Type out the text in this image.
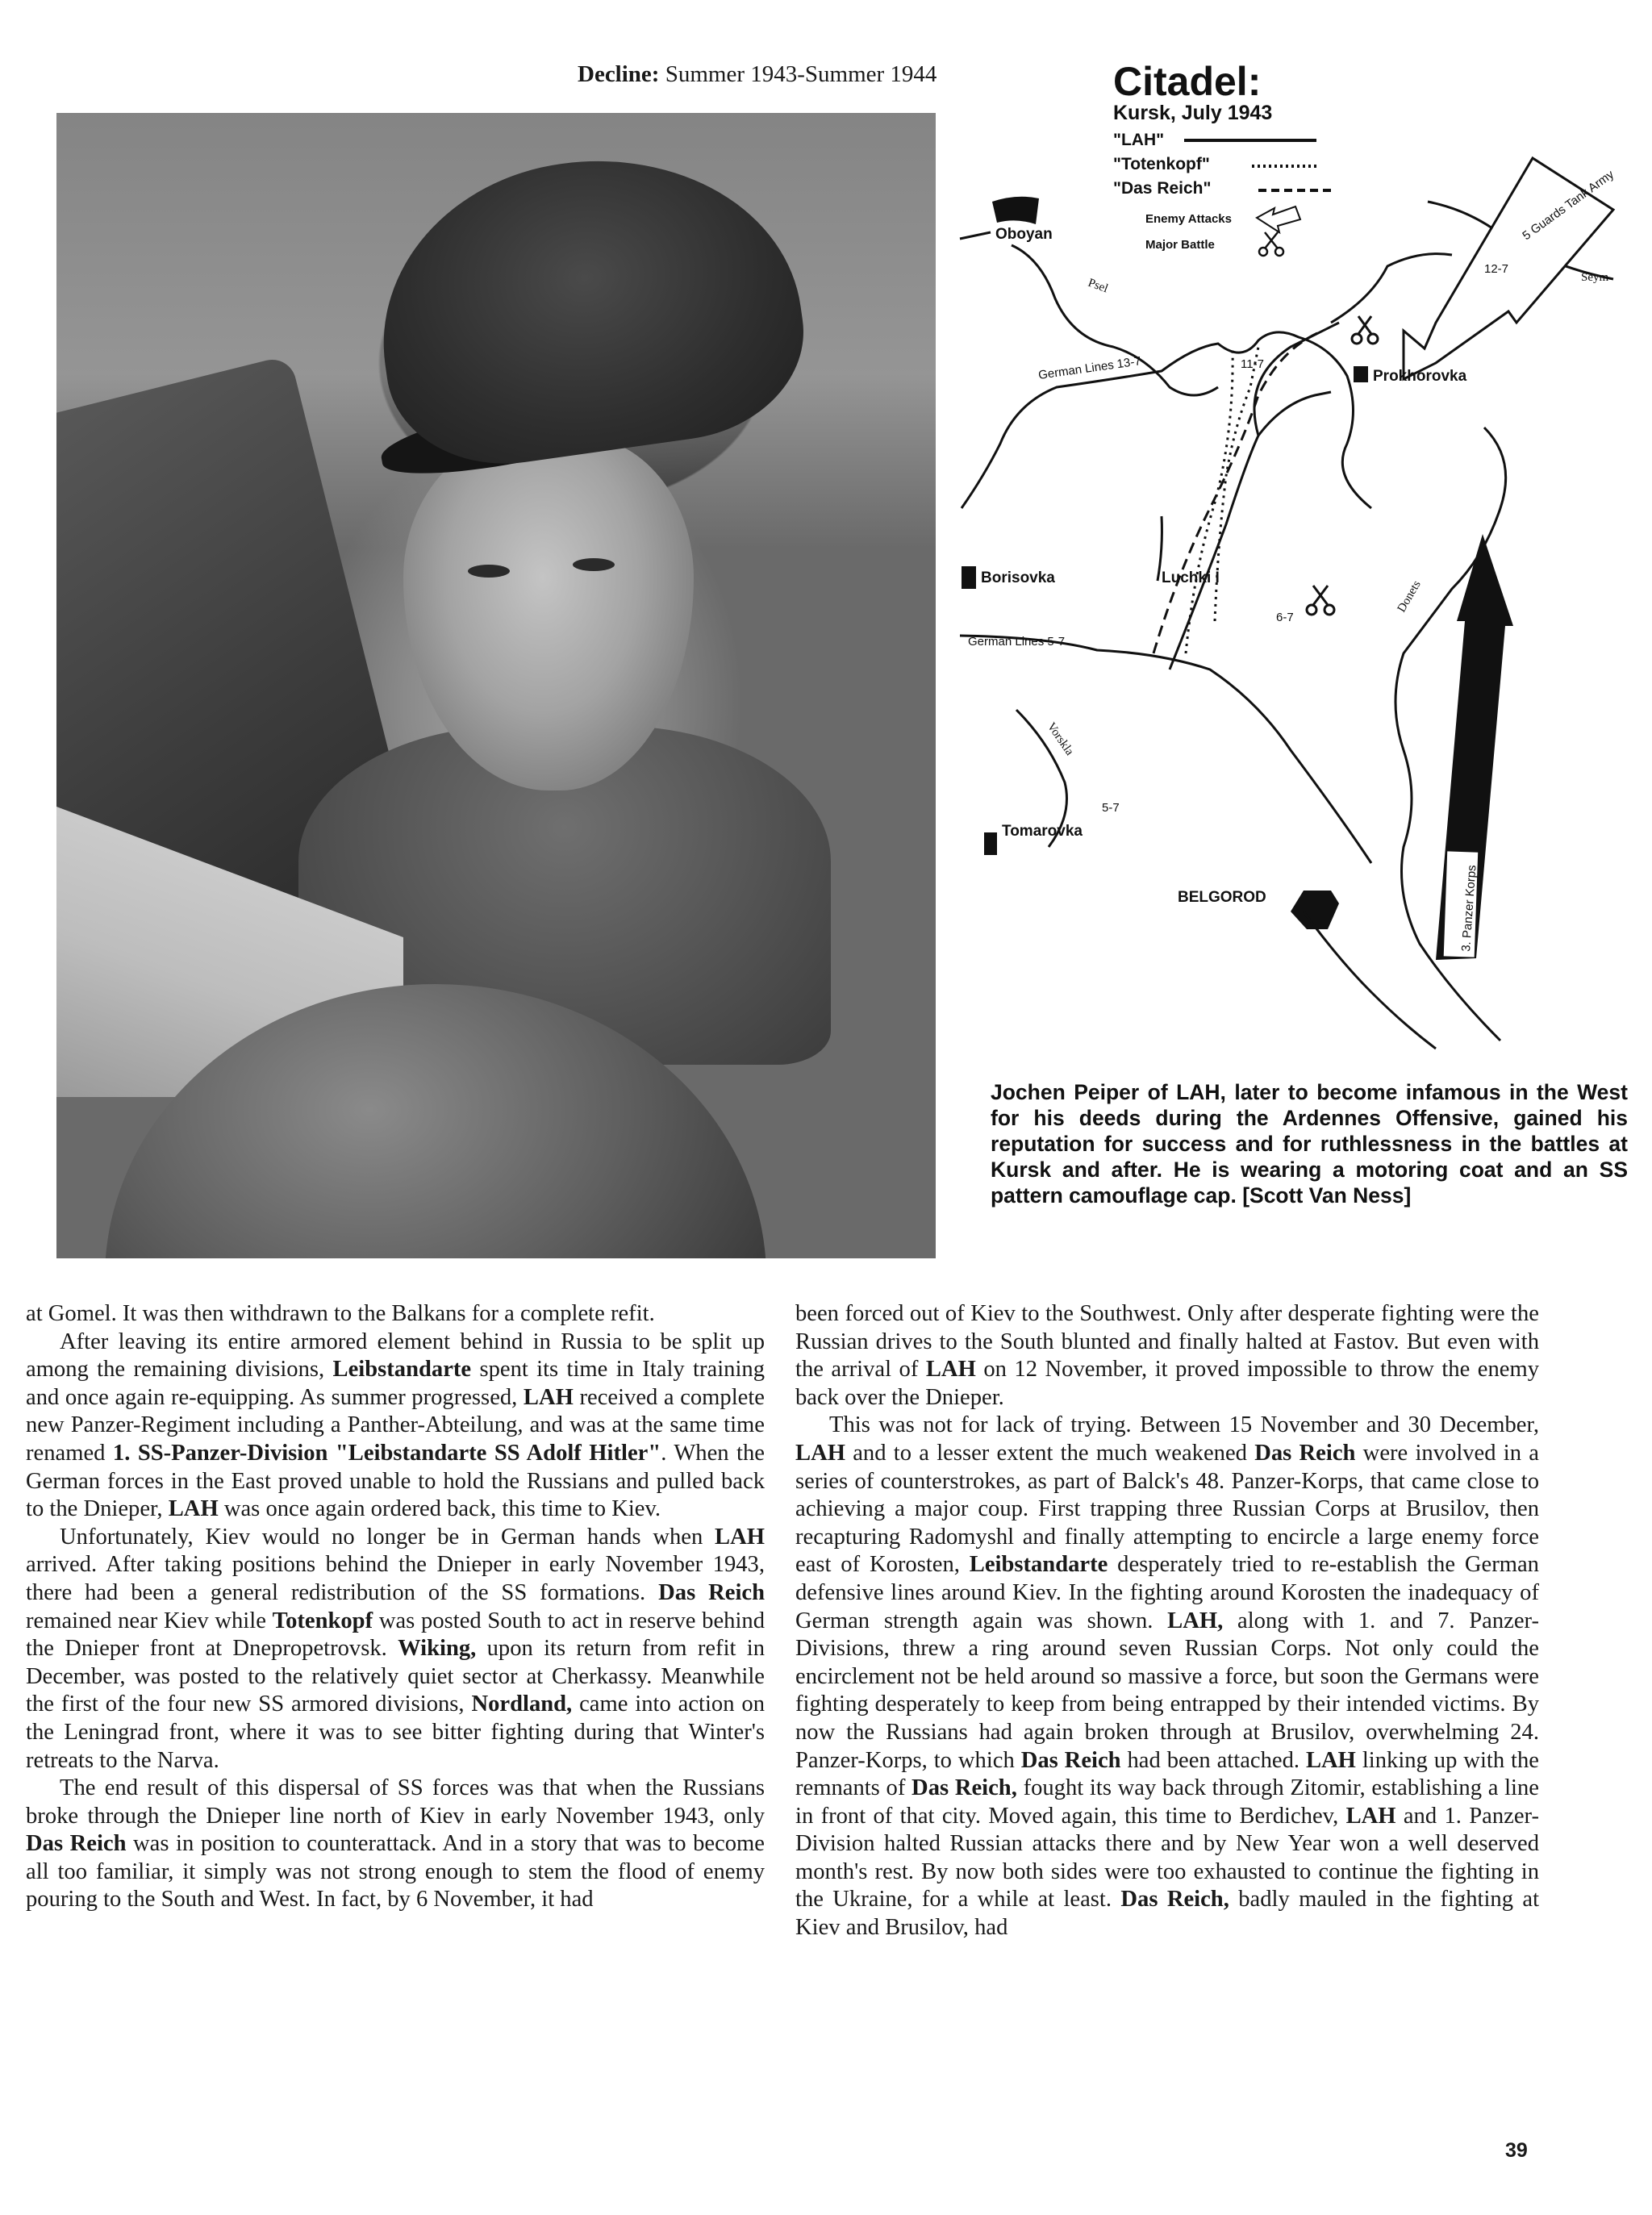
Decline: Summer 1943-Summer 1944	Citadel:
Kursk, July 1943
"LAH"
"Totenkopf"
"Das Reich"
Enemy Attacks
Major Battle
Oboyan
Psel
German Lines 13-7
Seym
5 Guards Tank Army
12-7
Prokhorovka
11-7
Borisovka	Luchki I
6-7
German Lines 5-7
Vorskla
Donets
Tomarovka
5-7
BELGOROD	3. Panzer Korps
Jochen Peiper of LAH, later to become infamous in the West for his deeds during the Ardennes Offensive, gained his reputation for success and for ruthlessness in the battles at Kursk and after. He is wearing a motoring coat and an SS pattern camouflage cap. [Scott Van Ness]

at Gomel. It was then withdrawn to the Balkans for a complete refit.

After leaving its entire armored element behind in Russia to be split up among the remaining divisions, Leibstandarte spent its time in Italy training and once again re-equipping. As summer progressed, LAH received a complete new Panzer-Regiment including a Panther-Abteilung, and was at the same time renamed 1. SS-Panzer-Division "Leibstandarte SS Adolf Hitler". When the German forces in the East proved unable to hold the Russians and pulled back to the Dnieper, LAH was once again ordered back, this time to Kiev.

Unfortunately, Kiev would no longer be in German hands when LAH arrived. After taking positions behind the Dnieper in early November 1943, there had been a general redistribution of the SS formations. Das Reich remained near Kiev while Totenkopf was posted South to act in reserve behind the Dnieper front at Dnepropetrovsk. Wiking, upon its return from refit in December, was posted to the relatively quiet sector at Cherkassy. Meanwhile the first of the four new SS armored divisions, Nordland, came into action on the Leningrad front, where it was to see bitter fighting during that Winter's retreats to the Narva.

The end result of this dispersal of SS forces was that when the Russians broke through the Dnieper line north of Kiev in early November 1943, only Das Reich was in position to counterattack. And in a story that was to become all too familiar, it simply was not strong enough to stem the flood of enemy pouring to the South and West. In fact, by 6 November, it had

been forced out of Kiev to the Southwest. Only after desperate fighting were the Russian drives to the South blunted and finally halted at Fastov. But even with the arrival of LAH on 12 November, it proved impossible to throw the enemy back over the Dnieper.

This was not for lack of trying. Between 15 November and 30 December, LAH and to a lesser extent the much weakened Das Reich were involved in a series of counterstrokes, as part of Balck's 48. Panzer-Korps, that came close to achieving a major coup. First trapping three Russian Corps at Brusilov, then recapturing Radomyshl and finally attempting to encircle a large enemy force east of Korosten, Leibstandarte desperately tried to re-establish the German defensive lines around Kiev. In the fighting around Korosten the inadequacy of German strength again was shown. LAH, along with 1. and 7. Panzer-Divisions, threw a ring around seven Russian Corps. Not only could the encirclement not be held around so massive a force, but soon the Germans were fighting desperately to keep from being entrapped by their intended victims. By now the Russians had again broken through at Brusilov, overwhelming 24. Panzer-Korps, to which Das Reich had been attached. LAH linking up with the remnants of Das Reich, fought its way back through Zitomir, establishing a line in front of that city. Moved again, this time to Berdichev, LAH and 1. Panzer-Division halted Russian attacks there and by New Year won a well deserved month's rest. By now both sides were too exhausted to continue the fighting in the Ukraine, for a while at least. Das Reich, badly mauled in the fighting at Kiev and Brusilov, had

39
